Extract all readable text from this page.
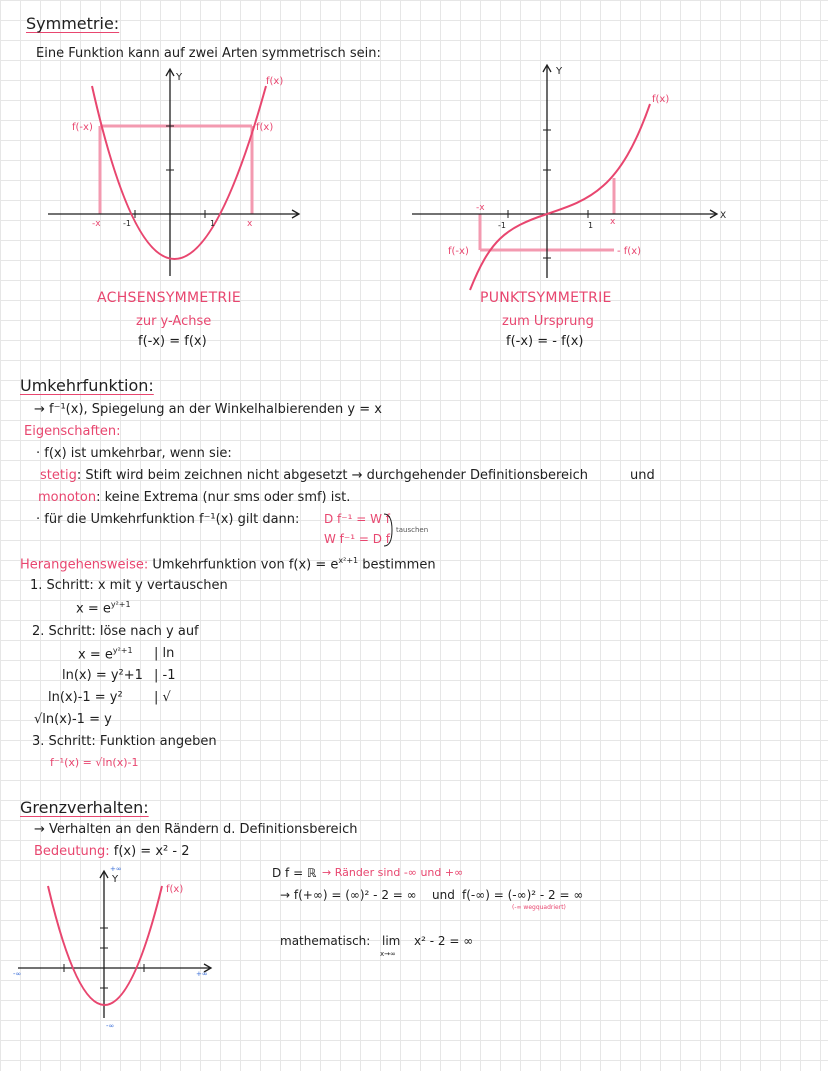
Symmetrie:
Eine Funktion kann auf zwei Arten symmetrisch sein:
Y	f(x)
f(-x)	f(x)
-x	-1	1	x
Y
X
f(x)
-x
-1	1 x
f(-x)	- f(x)
ACHSENSYMMETRIE
zur y-Achse
f(-x) = f(x)
PUNKTSYMMETRIE
zum Ursprung
f(-x) = - f(x)
Umkehrfunktion:
→ f⁻¹(x), Spiegelung an der Winkelhalbierenden y = x
Eigenschaften:
· f(x) ist umkehrbar, wenn sie:
stetig: Stift wird beim zeichnen nicht abgesetzt → durchgehender Definitionsbereich	und
monoton: keine Extrema (nur sms oder smf) ist.
· für die Umkehrfunktion f⁻¹(x) gilt dann: D f⁻¹ = W f
W f⁻¹ = D f
tauschen
Herangehensweise: Umkehrfunktion von $f(x) = e^{x^2+1}$ bestimmen
1. Schritt: x mit y vertauschen
$x = e^{y^2+1}$
2. Schritt: löse nach y auf
$x = e^{y^2+1}$ | ln
ln(x) = y²+1 | -1
ln(x)-1 = y² | √
√ln(x)-1 = y
3. Schritt: Funktion angeben
f⁻¹(x) = √ln(x)-1
Grenzverhalten:
→ Verhalten an den Rändern d. Definitionsbereich
Bedeutung: f(x) = x² - 2
Y
f(x)
+∞
-∞
+∞
-∞
D f = ℝ → Ränder sind -∞ und +∞
→ f(+∞) = (∞)² - 2 = ∞ und f(-∞) = (-∞)² - 2 = ∞
(-∞ wegquadriert)
mathematisch: lim
x→∞
x² - 2 = ∞
